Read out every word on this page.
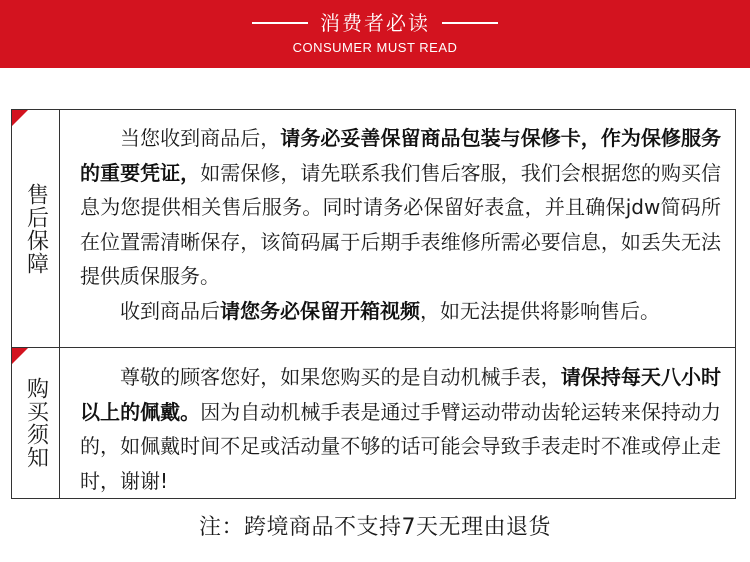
消费者必读
CONSUMER MUST READ
售后保障

当您收到商品后，请务必妥善保留商品包装与保修卡，作为保修服务的重要凭证，如需保修，请先联系我们售后客服，我们会根据您的购买信息为您提供相关售后服务。同时请务必保留好表盒，并且确保jdw简码所在位置需清晰保存，该简码属于后期手表维修所需必要信息，如丢失无法提供质保服务。

收到商品后请您务必保留开箱视频，如无法提供将影响售后。

购买须知	尊敬的顾客您好，如果您购买的是自动机械手表，请保持每天八小时以上的佩戴。因为自动机械手表是通过手臂运动带动齿轮运转来保持动力的，如佩戴时间不足或活动量不够的话可能会导致手表走时不准或停止走时，谢谢!

注：跨境商品不支持7天无理由退货
